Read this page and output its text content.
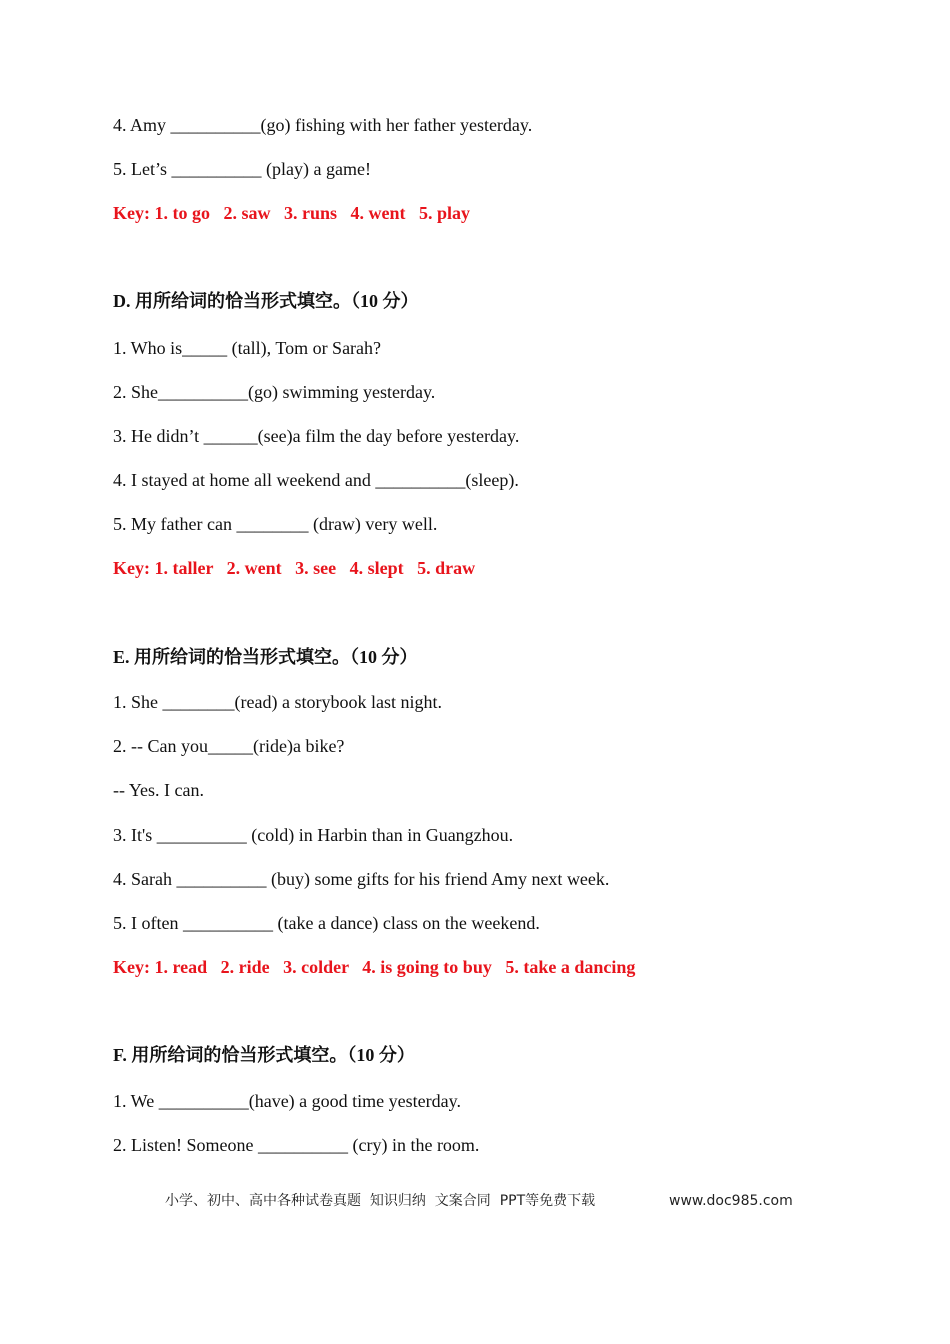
4. Amy __________(go) fishing with her father yesterday.
5. Let’s __________ (play) a game!
Key: 1. to go   2. saw   3. runs   4. went   5. play
D. 用所给词的恰当形式填空。（10 分）
1. Who is_____ (tall), Tom or Sarah?
2. She__________(go) swimming yesterday.
3. He didn’t ______(see)a film the day before yesterday.
4. I stayed at home all weekend and __________(sleep).
5. My father can ________ (draw) very well.
Key: 1. taller   2. went   3. see   4. slept   5. draw
E. 用所给词的恰当形式填空。（10 分）
1. She ________(read) a storybook last night.
2. -- Can you_____(ride)a bike?
-- Yes. I can.
3. It's __________ (cold) in Harbin than in Guangzhou.
4. Sarah __________ (buy) some gifts for his friend Amy next week.
5. I often __________ (take a dance) class on the weekend.
Key: 1. read   2. ride   3. colder   4. is going to buy   5. take a dancing
F. 用所给词的恰当形式填空。（10 分）
1. We __________(have) a good time yesterday.
2. Listen! Someone __________ (cry) in the room.
小学、初中、高中各种试卷真题  知识归纳  文案合同  PPT等免费下载	www.doc985.com
